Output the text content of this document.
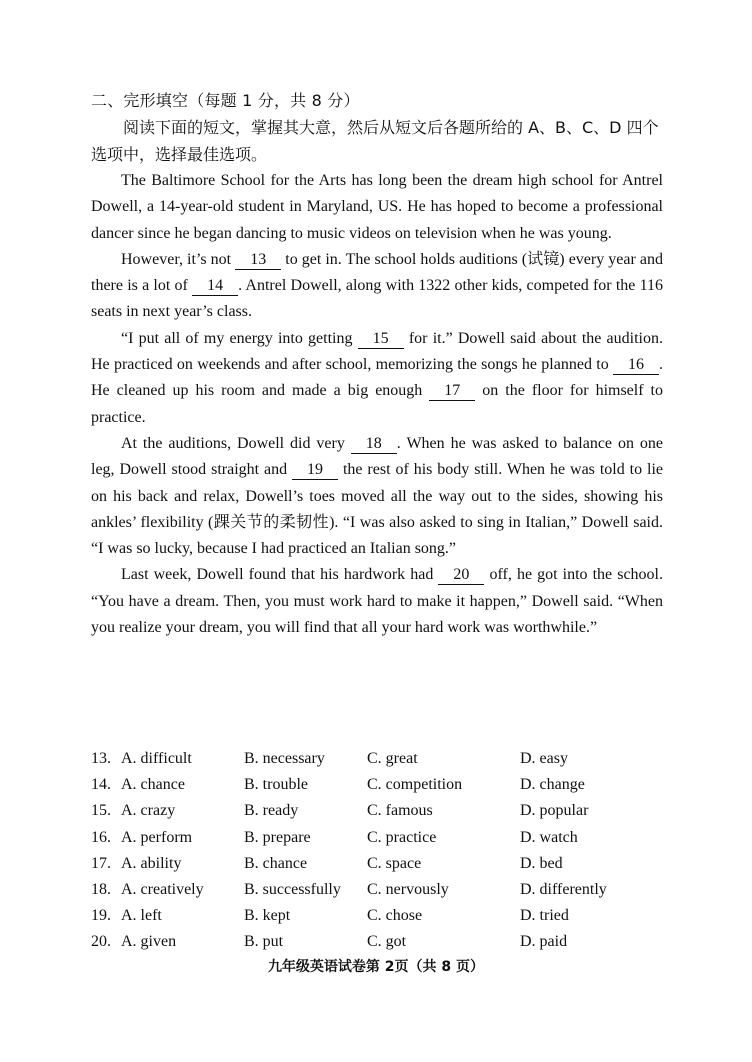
二、完形填空（每题 1 分，共 8 分）
阅读下面的短文，掌握其大意，然后从短文后各题所给的 A、B、C、D 四个选项中，选择最佳选项。

The Baltimore School for the Arts has long been the dream high school for Antrel Dowell, a 14-year-old student in Maryland, US. He has hoped to become a professional dancer since he began dancing to music videos on television when he was young.

However, it’s not 13 to get in. The school holds auditions (试镜) every year and there is a lot of 14 . Antrel Dowell, along with 1322 other kids, competed for the 116 seats in next year’s class.

“I put all of my energy into getting 15 for it.” Dowell said about the audition. He practiced on weekends and after school, memorizing the songs he planned to 16 . He cleaned up his room and made a big enough 17 on the floor for himself to practice.

At the auditions, Dowell did very 18 . When he was asked to balance on one leg, Dowell stood straight and 19 the rest of his body still. When he was told to lie on his back and relax, Dowell’s toes moved all the way out to the sides, showing his ankles’ flexibility (踝关节的柔韧性). “I was also asked to sing in Italian,” Dowell said. “I was so lucky, because I had practiced an Italian song.”

Last week, Dowell found that his hardwork had 20 off, he got into the school. “You have a dream. Then, you must work hard to make it happen,” Dowell said. “When you realize your dream, you will find that all your hard work was worthwhile.”

13. A. difficult	B. necessary	C. great	D. easy
14. A. chance	B. trouble	C. competition	D. change
15. A. crazy	B. ready	C. famous	D. popular
16. A. perform	B. prepare	C. practice	D. watch
17. A. ability	B. chance	C. space	D. bed
18. A. creatively	B. successfully	C. nervously	D. differently
19. A. left	B. kept	C. chose	D. tried
20. A. given	B. put	C. got	D. paid
九年级英语试卷第 2页（共 8 页）
